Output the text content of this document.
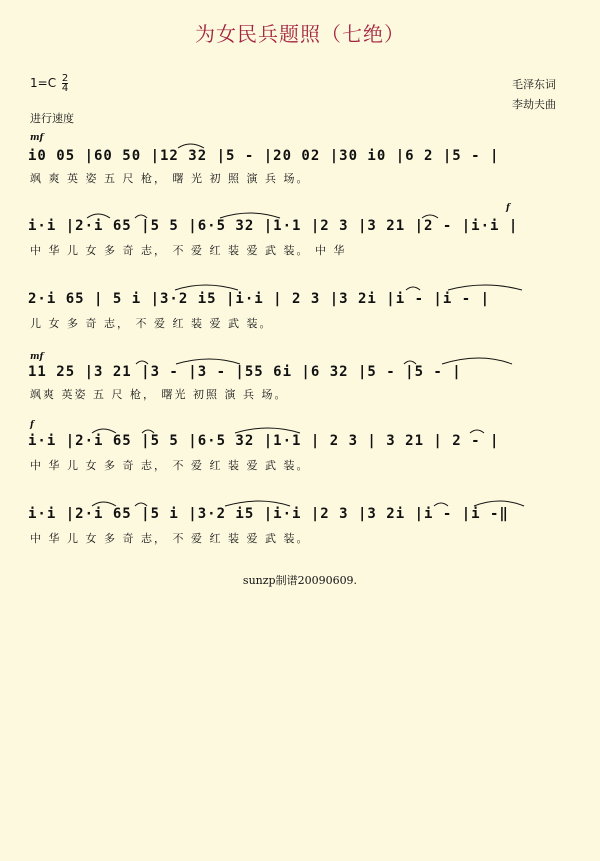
为女民兵题照（七绝）
$1=C \frac{2}{4}$	毛泽东词
李劫夫曲
进行速度
mf
i0 05 |60 50 |12 32 |5 - |20 02 |30 i0 |6 2 |5 - |
飒 爽 英 姿 五 尺 枪， 曙 光 初 照 演 兵 场。
f
i·i |2·i 65 |5 5 |6·5 32 |1·1 |2 3 |3 21 |2 - |i·i |
中 华 儿 女 多 奇 志， 不 爱 红 装 爱 武 装。 中 华
2·i 65 | 5 i |3·2 i5 |i·i | 2 3 |3 2i |i - |i - |
儿 女 多 奇 志， 不 爱 红 装 爱 武 装。
mf
11 25 |3 21 |3 - |3 - |55 6i |6 32 |5 - |5 - |
飒爽 英姿 五 尺 枪， 曙光 初照 演 兵 场。
f
i·i |2·i 65 |5 5 |6·5 32 |1·1 | 2 3 | 3 21 | 2 - |
中 华 儿 女 多 奇 志， 不 爱 红 装 爱 武 装。
i·i |2·i 65 |5 i |3·2 i5 |i·i |2 3 |3 2i |i - |i -‖
中 华 儿 女 多 奇 志， 不 爱 红 装 爱 武 装。
sunzp制谱20090609.
